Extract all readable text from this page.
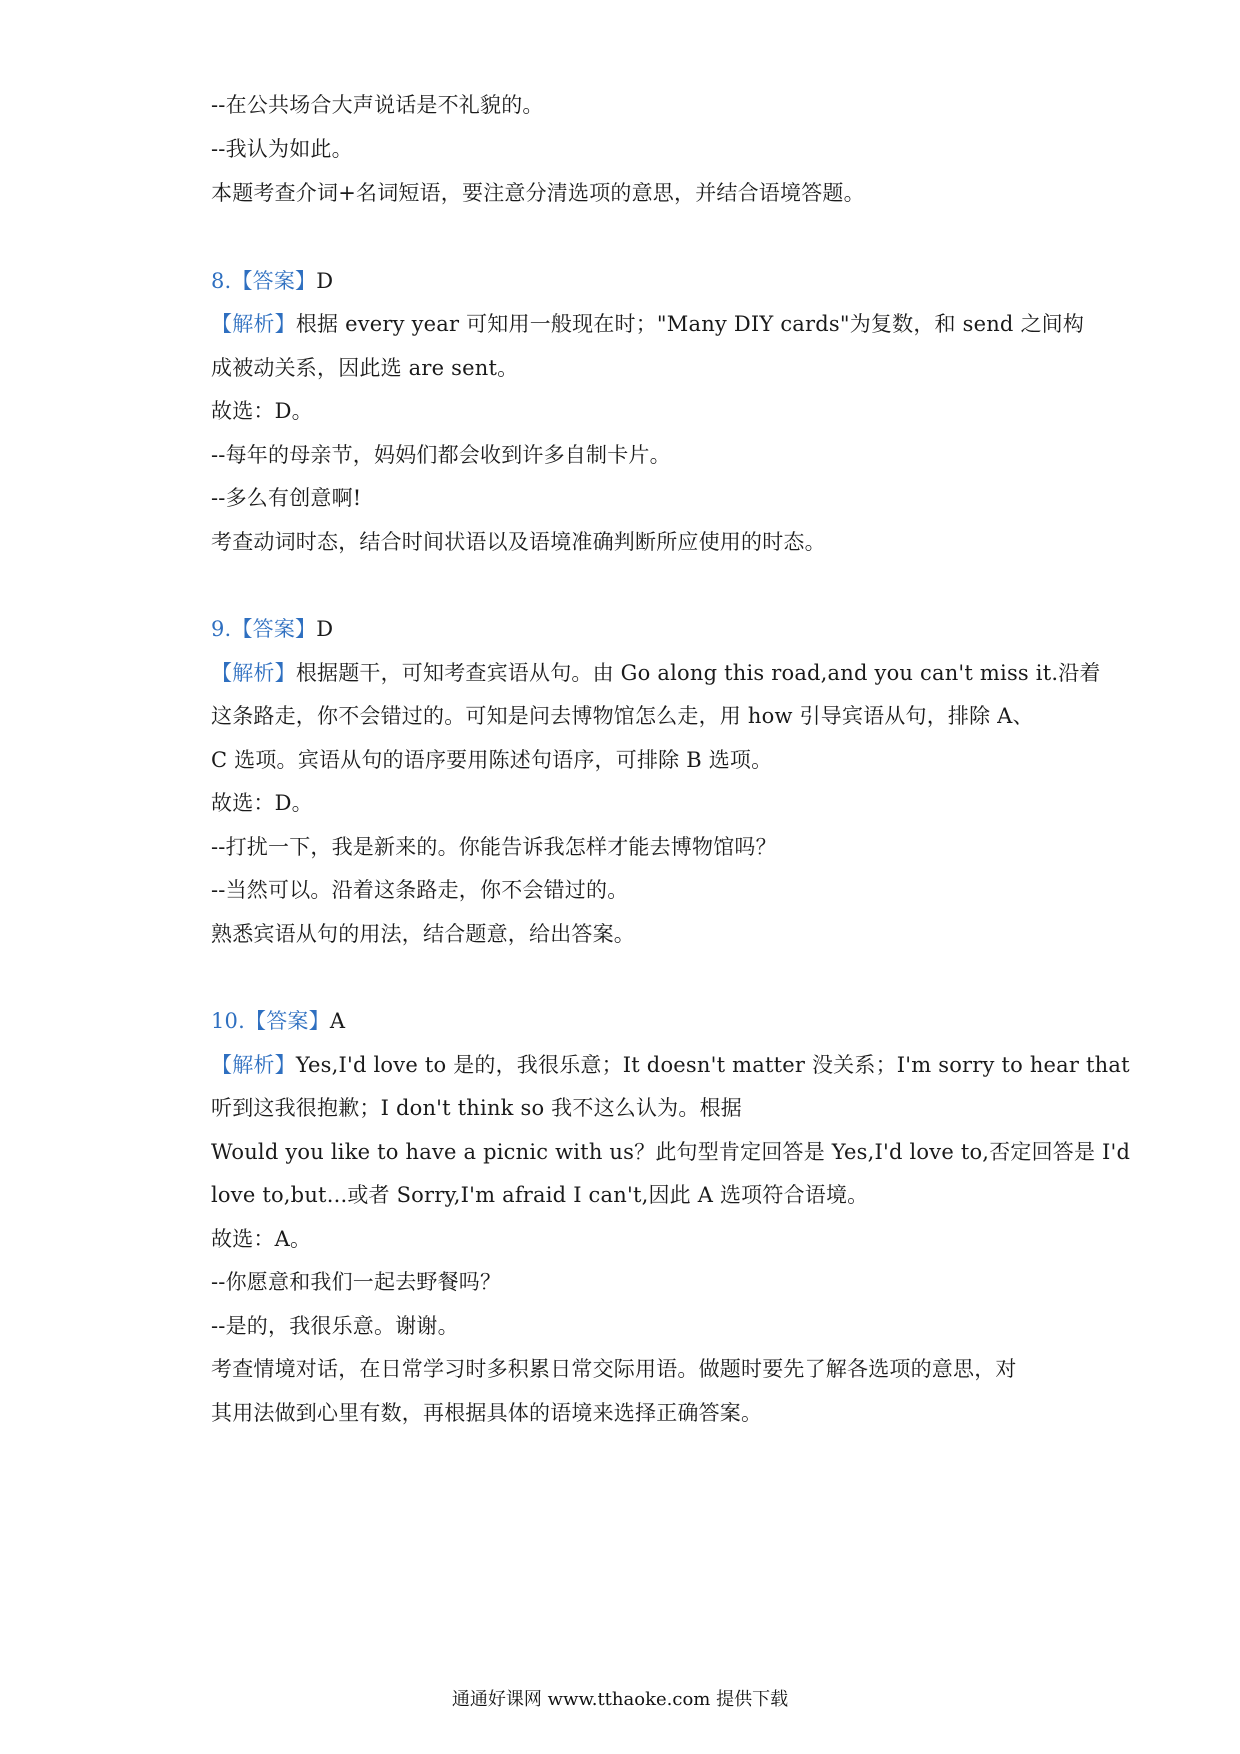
--在公共场合大声说话是不礼貌的。
--我认为如此。
本题考查介词+名词短语，要注意分清选项的意思，并结合语境答题。
8.【答案】D
【解析】根据 every year 可知用一般现在时；"Many DIY cards"为复数，和 send 之间构
成被动关系，因此选 are sent。
故选：D。
--每年的母亲节，妈妈们都会收到许多自制卡片。
--多么有创意啊!
考查动词时态，结合时间状语以及语境准确判断所应使用的时态。
9.【答案】D
【解析】根据题干，可知考查宾语从句。由 Go along this road,and you can't miss it.沿着
这条路走，你不会错过的。可知是问去博物馆怎么走，用 how 引导宾语从句，排除 A、
C 选项。宾语从句的语序要用陈述句语序，可排除 B 选项。
故选：D。
--打扰一下，我是新来的。你能告诉我怎样才能去博物馆吗？
--当然可以。沿着这条路走，你不会错过的。
熟悉宾语从句的用法，结合题意，给出答案。
10.【答案】A
【解析】Yes,I'd love to 是的，我很乐意；It doesn't matter 没关系；I'm sorry to hear that
听到这我很抱歉；I don't think so 我不这么认为。根据
Would you like to have a picnic with us？此句型肯定回答是 Yes,I'd love to,否定回答是 I'd
love to,but...或者 Sorry,I'm afraid I can't,因此 A 选项符合语境。
故选：A。
--你愿意和我们一起去野餐吗？
--是的，我很乐意。谢谢。
考查情境对话，在日常学习时多积累日常交际用语。做题时要先了解各选项的意思，对
其用法做到心里有数，再根据具体的语境来选择正确答案。
通通好课网 www.tthaoke.com 提供下载
